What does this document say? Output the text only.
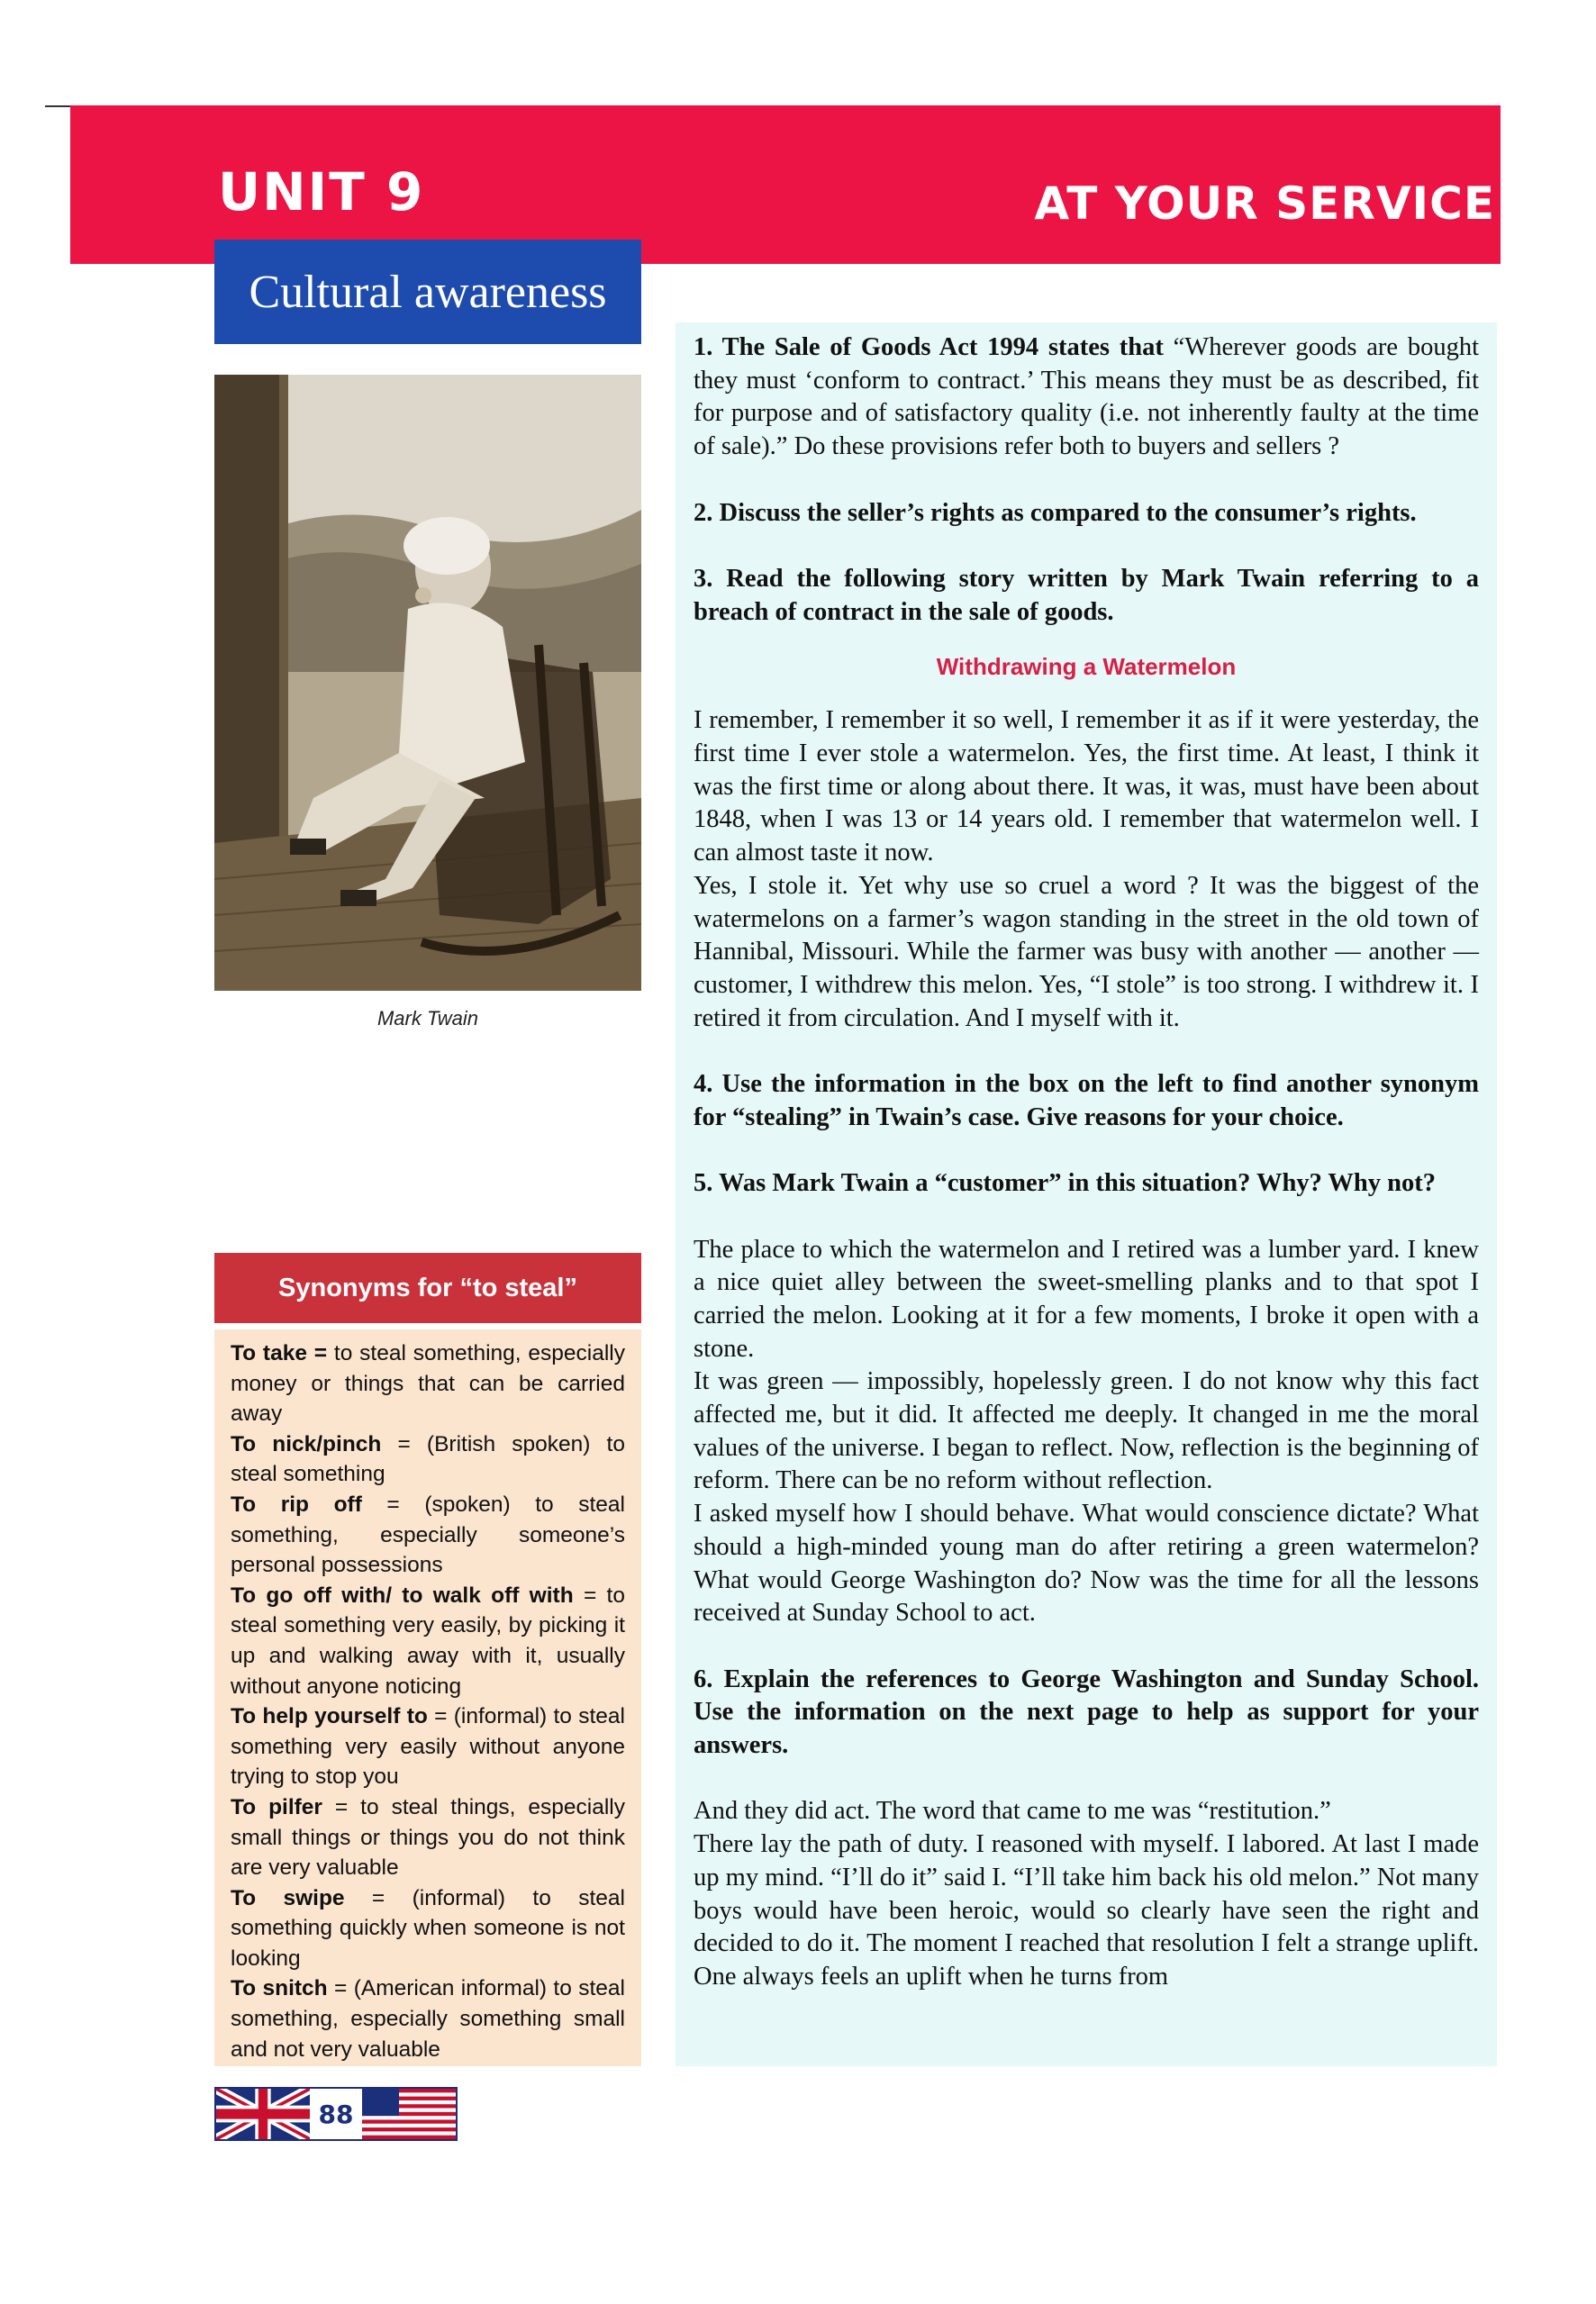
UNIT 9	AT YOUR SERVICE
Cultural awareness
Mark Twain
Synonyms for “to steal”

To take = to steal something, especially money or things that can be carried away

To nick/pinch = (British spoken) to steal something

To rip off = (spoken) to steal something, especially someone’s personal possessions

To go off with/ to walk off with = to steal something very easily, by picking it up and walking away with it, usually without anyone noticing

To help yourself to = (informal) to steal something very easily without anyone trying to stop you

To pilfer = to steal things, especially small things or things you do not think are very valuable

To swipe = (informal) to steal something quickly when someone is not looking

To snitch = (American informal) to steal something, especially something small and not very valuable

88

1. The Sale of Goods Act 1994 states that “Wherever goods are bought they must ‘conform to contract.’ This means they must be as described, fit for purpose and of satisfactory quality (i.e. not inherently faulty at the time of sale).” Do these provisions refer both to buyers and sellers ?

2. Discuss the seller’s rights as compared to the consumer’s rights.

3. Read the following story written by Mark Twain referring to a breach of contract in the sale of goods.

Withdrawing a Watermelon

I remember, I remember it so well, I remember it as if it were yesterday, the first time I ever stole a watermelon. Yes, the first time. At least, I think it was the first time or along about there. It was, it was, must have been about 1848, when I was 13 or 14 years old. I remember that watermelon well. I can almost taste it now.

Yes, I stole it. Yet why use so cruel a word ? It was the biggest of the watermelons on a farmer’s wagon standing in the street in the old town of Hannibal, Missouri. While the farmer was busy with another — another — customer, I withdrew this melon. Yes, “I stole” is too strong. I withdrew it. I retired it from circulation. And I myself with it.

4. Use the information in the box on the left to find another synonym for “stealing” in Twain’s case. Give reasons for your choice.

5. Was Mark Twain a “customer” in this situation? Why? Why not?

The place to which the watermelon and I retired was a lumber yard. I knew a nice quiet alley between the sweet-smelling planks and to that spot I carried the melon. Looking at it for a few moments, I broke it open with a stone.

It was green — impossibly, hopelessly green. I do not know why this fact affected me, but it did. It affected me deeply. It changed in me the moral values of the universe. I began to reflect. Now, reflection is the beginning of reform. There can be no reform without reflection.

I asked myself how I should behave. What would conscience dictate? What should a high-minded young man do after retiring a green watermelon? What would George Washington do? Now was the time for all the lessons received at Sunday School to act.

6. Explain the references to George Washington and Sunday School. Use the information on the next page to help as support for your answers.

And they did act. The word that came to me was “restitution.”

There lay the path of duty. I reasoned with myself. I labored. At last I made up my mind. “I’ll do it” said I. “I’ll take him back his old melon.” Not many boys would have been heroic, would so clearly have seen the right and decided to do it. The moment I reached that resolution I felt a strange uplift. One always feels an uplift when he turns from
